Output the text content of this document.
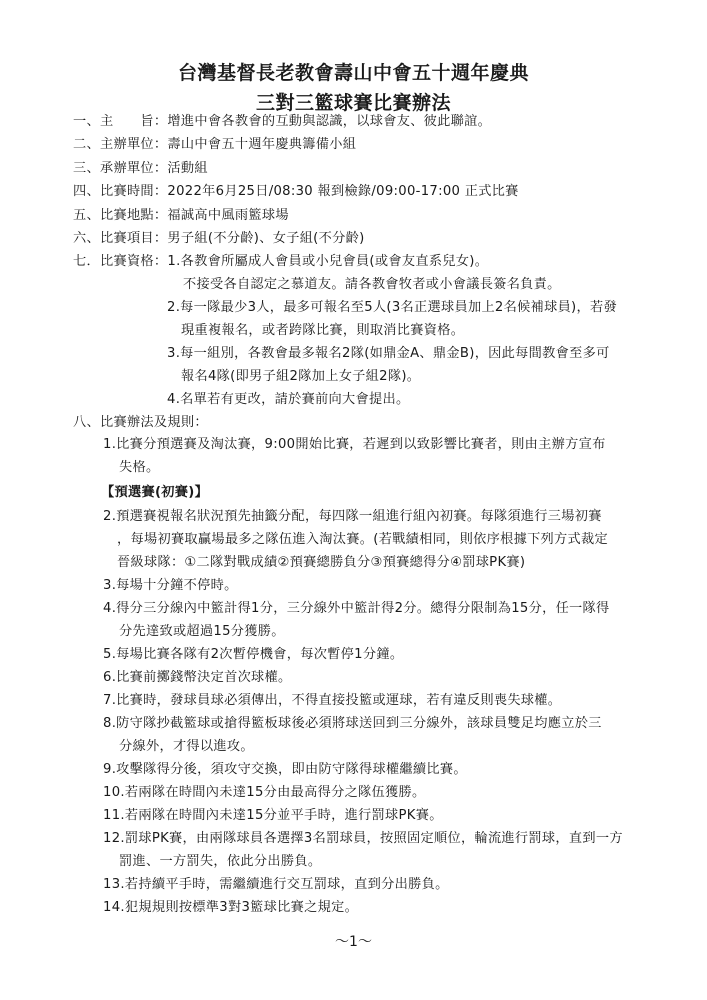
台灣基督長老教會壽山中會五十週年慶典
三對三籃球賽比賽辦法
一、主　　旨：增進中會各教會的互動與認識，以球會友、彼此聯誼。
二、主辦單位：壽山中會五十週年慶典籌備小組
三、承辦單位：活動組
四、比賽時間：2022年6月25日/08:30 報到檢錄/09:00-17:00 正式比賽
五、比賽地點：福誠高中風雨籃球場
六、比賽項目：男子組(不分齡)、女子組(不分齡)
七．比賽資格：1.各教會所屬成人會員或小兒會員(或會友直系兒女)。
不接受各自認定之慕道友。請各教會牧者或小會議長簽名負責。
2.每一隊最少3人，最多可報名至5人(3名正選球員加上2名候補球員)，若發
現重複報名，或者跨隊比賽，則取消比賽資格。
3.每一組別，各教會最多報名2隊(如鼎金A、鼎金B)，因此每間教會至多可
報名4隊(即男子組2隊加上女子組2隊)。
4.名單若有更改，請於賽前向大會提出。
八、比賽辦法及規則：
1.比賽分預選賽及淘汰賽，9:00開始比賽，若遲到以致影響比賽者，則由主辦方宣布
失格。
【預選賽(初賽)】
2.預選賽視報名狀況預先抽籤分配，每四隊一組進行組內初賽。每隊須進行三場初賽
，每場初賽取贏場最多之隊伍進入淘汰賽。(若戰績相同，則依序根據下列方式裁定
晉級球隊：①二隊對戰成績②預賽總勝負分③預賽總得分④罰球PK賽)
3.每場十分鐘不停時。
4.得分三分線內中籃計得1分，三分線外中籃計得2分。總得分限制為15分，任一隊得
分先達致或超過15分獲勝。
5.每場比賽各隊有2次暫停機會，每次暫停1分鐘。
6.比賽前擲錢幣決定首次球權。
7.比賽時，發球員球必須傳出，不得直接投籃或運球，若有違反則喪失球權。
8.防守隊抄截籃球或搶得籃板球後必須將球送回到三分線外，該球員雙足均應立於三
分線外，才得以進攻。
9.攻擊隊得分後，須攻守交換，即由防守隊得球權繼續比賽。
10.若兩隊在時間內未達15分由最高得分之隊伍獲勝。
11.若兩隊在時間內未達15分並平手時，進行罰球PK賽。
12.罰球PK賽，由兩隊球員各選擇3名罰球員，按照固定順位，輪流進行罰球，直到一方
罰進、一方罰失，依此分出勝負。
13.若持續平手時，需繼續進行交互罰球，直到分出勝負。
14.犯規規則按標準3對3籃球比賽之規定。
～1～
